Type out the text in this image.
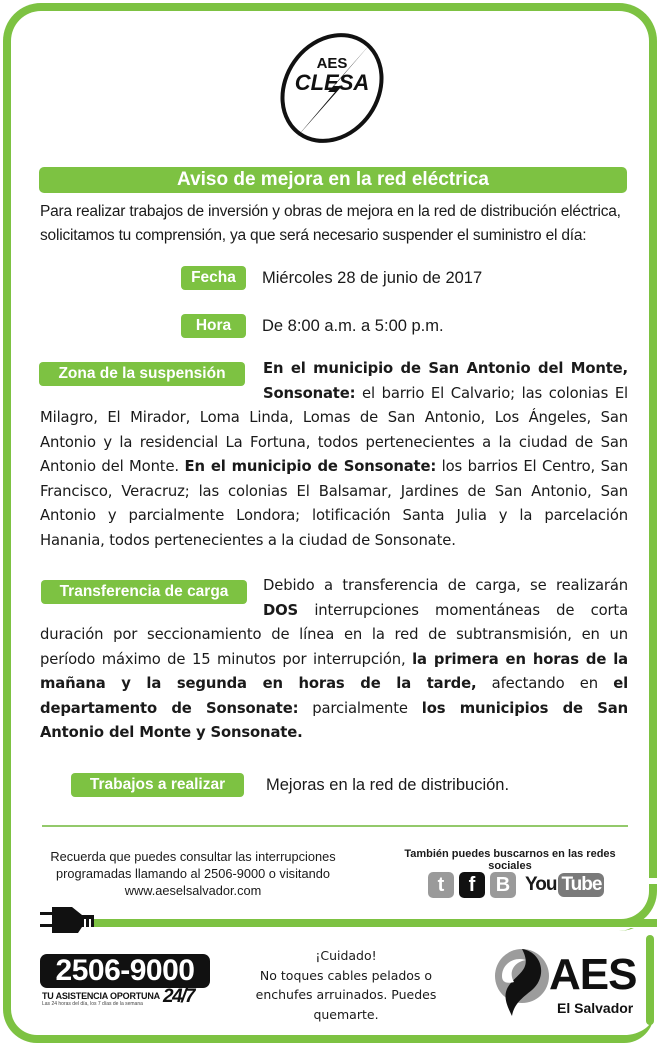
AES
CLESA
Aviso de mejora en la red eléctrica
Para realizar trabajos de inversión y obras de mejora en la red de distribución eléctrica, solicitamos tu comprensión, ya que será necesario suspender el suministro el día:
Fecha	Miércoles 28 de junio de 2017
Hora	De 8:00 a.m. a 5:00 p.m.
Zona de la suspensión	En el municipio de San Antonio del Monte, Sonsonate: el barrio El Calvario; las colonias El Milagro, El Mirador, Loma Linda, Lomas de San Antonio, Los Ángeles, San Antonio y la residencial La Fortuna, todos pertenecientes a la ciudad de San Antonio del Monte. En el municipio de Sonsonate: los barrios El Centro, San Francisco, Veracruz; las colonias El Balsamar, Jardines de San Antonio, San Antonio y parcialmente Londora; lotificación Santa Julia y la parcelación Hanania, todos pertenecientes a la ciudad de Sonsonate.
Transferencia de carga	Debido a transferencia de carga, se realizarán DOS interrupciones momentáneas de corta duración por seccionamiento de línea en la red de subtransmisión, en un período máximo de 15 minutos por interrupción, la primera en horas de la mañana y la segunda en horas de la tarde, afectando en el departamento de Sonsonate: parcialmente los municipios de San Antonio del Monte y Sonsonate.
Trabajos a realizar	Mejoras en la red de distribución.
Recuerda que puedes consultar las interrupciones
programadas llamando al 2506-9000 o visitando
www.aeselsalvador.com
También puedes buscarnos en las redes sociales
t	f	B You Tube
2506-9000
TU ASISTENCIA OPORTUNA
Las 24 horas del día, los 7 días de la semana 24/7
¡Cuidado!
No toques cables pelados o enchufes arruinados. Puedes quemarte.
AES
El Salvador
